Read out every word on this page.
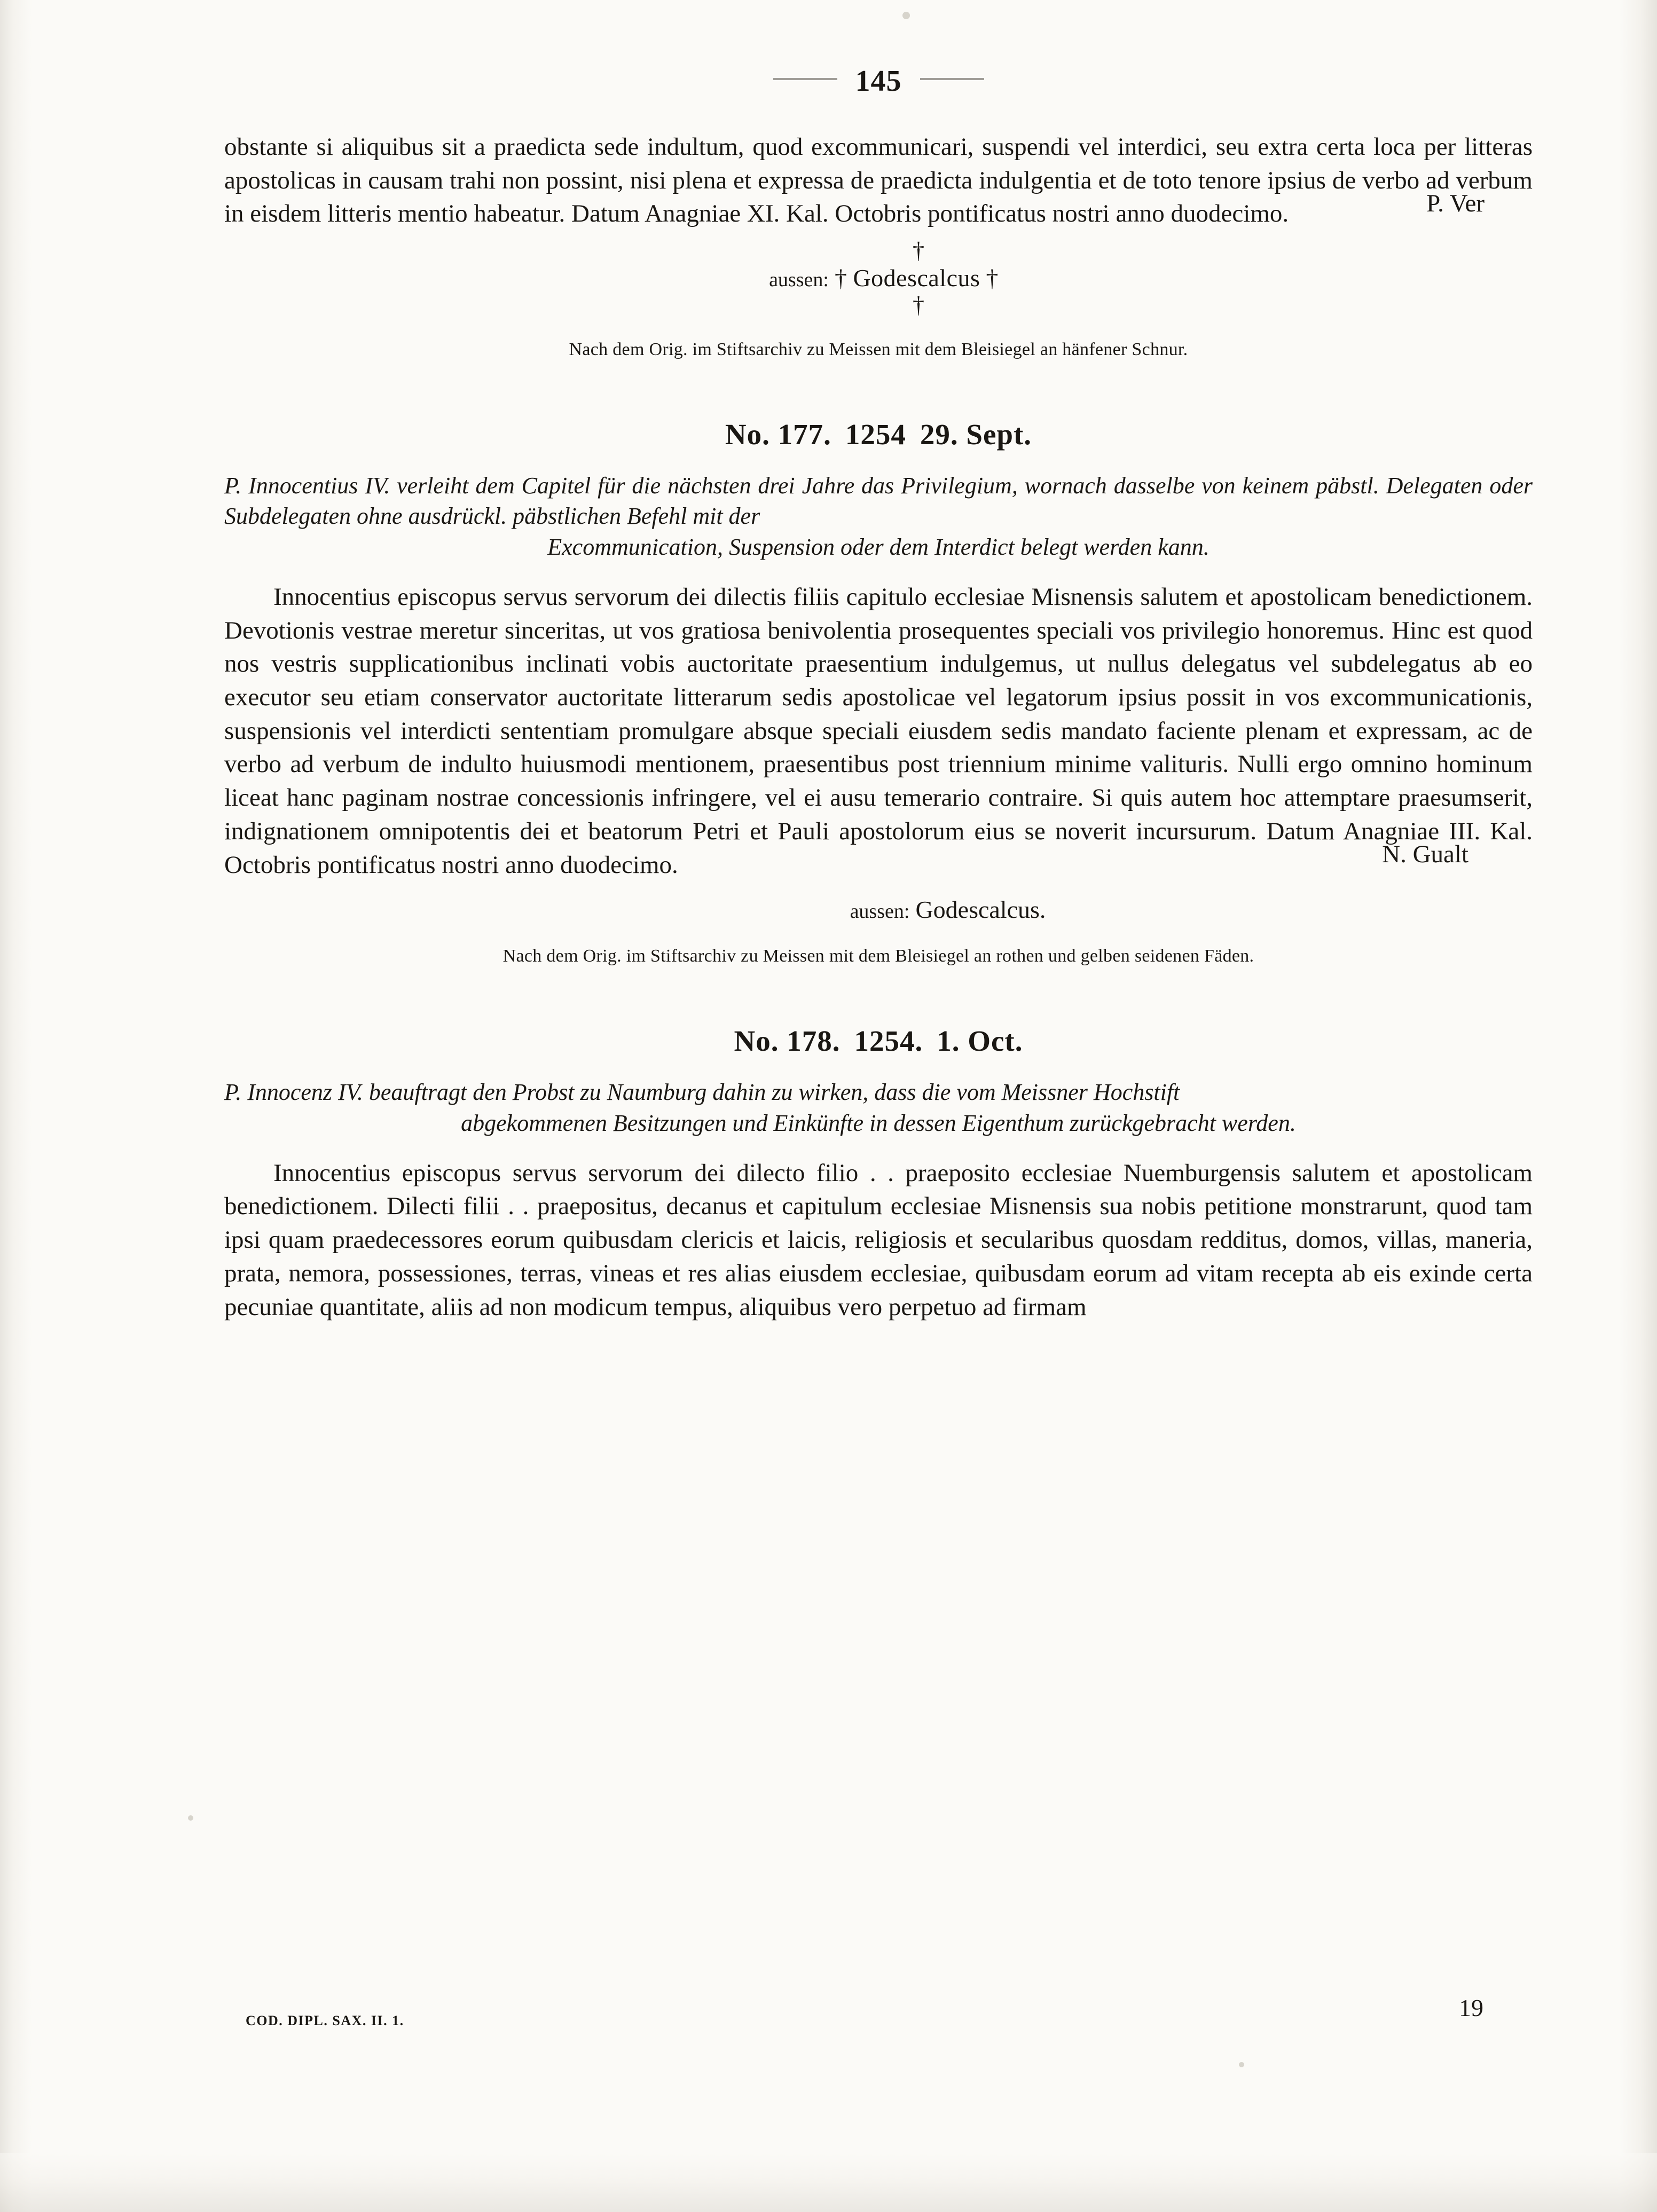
145

obstante si aliquibus sit a praedicta sede indultum, quod excommunicari, suspendi vel interdici, seu extra certa loca per litteras apostolicas in causam trahi non possint, nisi plena et expressa de praedicta indulgentia et de toto tenore ipsius de verbo ad verbum in eisdem litteris mentio habeatur. Datum Anagniae XI. Kal. Octobris pontificatus nostri anno duodecimo.	P. Ver
†
aussen: † Godescalcus †
†
Nach dem Orig. im Stiftsarchiv zu Meissen mit dem Bleisiegel an hänfener Schnur.
No. 177. 1254 29. Sept.
P. Innocentius IV. verleiht dem Capitel für die nächsten drei Jahre das Privilegium, wornach dasselbe von keinem päbstl. Delegaten oder Subdelegaten ohne ausdrückl. päbstlichen Befehl mit der
Excommunication, Suspension oder dem Interdict belegt werden kann.

Innocentius episcopus servus servorum dei dilectis filiis capitulo ecclesiae Misnensis salutem et apostolicam benedictionem. Devotionis vestrae meretur sinceritas, ut vos gratiosa benivolentia prosequentes speciali vos privilegio honoremus. Hinc est quod nos vestris supplicationibus inclinati vobis auctoritate praesentium indulgemus, ut nullus delegatus vel subdelegatus ab eo executor seu etiam conservator auctoritate litterarum sedis apostolicae vel legatorum ipsius possit in vos excommunicationis, suspensionis vel interdicti sententiam promulgare absque speciali eiusdem sedis mandato faciente plenam et expressam, ac de verbo ad verbum de indulto huiusmodi mentionem, praesentibus post triennium minime valituris. Nulli ergo omnino hominum liceat hanc paginam nostrae concessionis infringere, vel ei ausu temerario contraire. Si quis autem hoc attemptare praesumserit, indignationem omnipotentis dei et beatorum Petri et Pauli apostolorum eius se noverit incursurum. Datum Anagniae III. Kal. Octobris pontificatus nostri anno duodecimo.	N. Gualt
aussen: Godescalcus.
Nach dem Orig. im Stiftsarchiv zu Meissen mit dem Bleisiegel an rothen und gelben seidenen Fäden.
No. 178. 1254. 1. Oct.
P. Innocenz IV. beauftragt den Probst zu Naumburg dahin zu wirken, dass die vom Meissner Hochstift
abgekommenen Besitzungen und Einkünfte in dessen Eigenthum zurückgebracht werden.

Innocentius episcopus servus servorum dei dilecto filio . . praeposito ecclesiae Nuemburgensis salutem et apostolicam benedictionem. Dilecti filii . . praepositus, decanus et capitulum ecclesiae Misnensis sua nobis petitione monstrarunt, quod tam ipsi quam praedecessores eorum quibusdam clericis et laicis, religiosis et secularibus quosdam redditus, domos, villas, maneria, prata, nemora, possessiones, terras, vineas et res alias eiusdem ecclesiae, quibusdam eorum ad vitam recepta ab eis exinde certa pecuniae quantitate, aliis ad non modicum tempus, aliquibus vero perpetuo ad firmam

COD. DIPL. SAX. II. 1.	19
